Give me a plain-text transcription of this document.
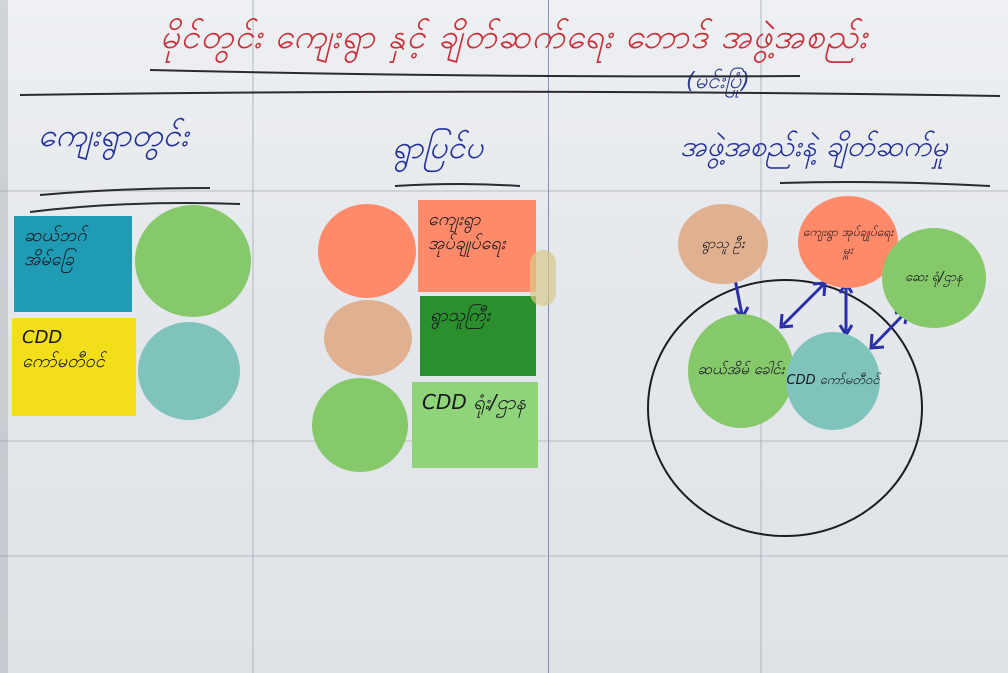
မိုင်တွင်း ကျေးရွာ နှင့် ချိတ်ဆက်ရေး ဘောဒ် အဖွဲ့အစည်း
(မင်းပြုံ)
ကျေးရွာတွင်း	ရွာပြင်ပ	အဖွဲ့အစည်းနဲ့ ချိတ်ဆက်မှု
ဆယ်ဘဂ်အိမ်ခြေ
CDD ကော်မတီဝင်
ကျေးရွာ အုပ်ချုပ်ရေး
ရွာသူကြီး
CDD ရုံး/ဌာန
ရွာသူ ဦး
ကျေးရွာ အုပ်ချုပ်ရေးမှူး
ဆေး ရုံ/ဌာန
ဆယ်အိမ် ခေါင်း
CDD ကော်မတီဝင်
